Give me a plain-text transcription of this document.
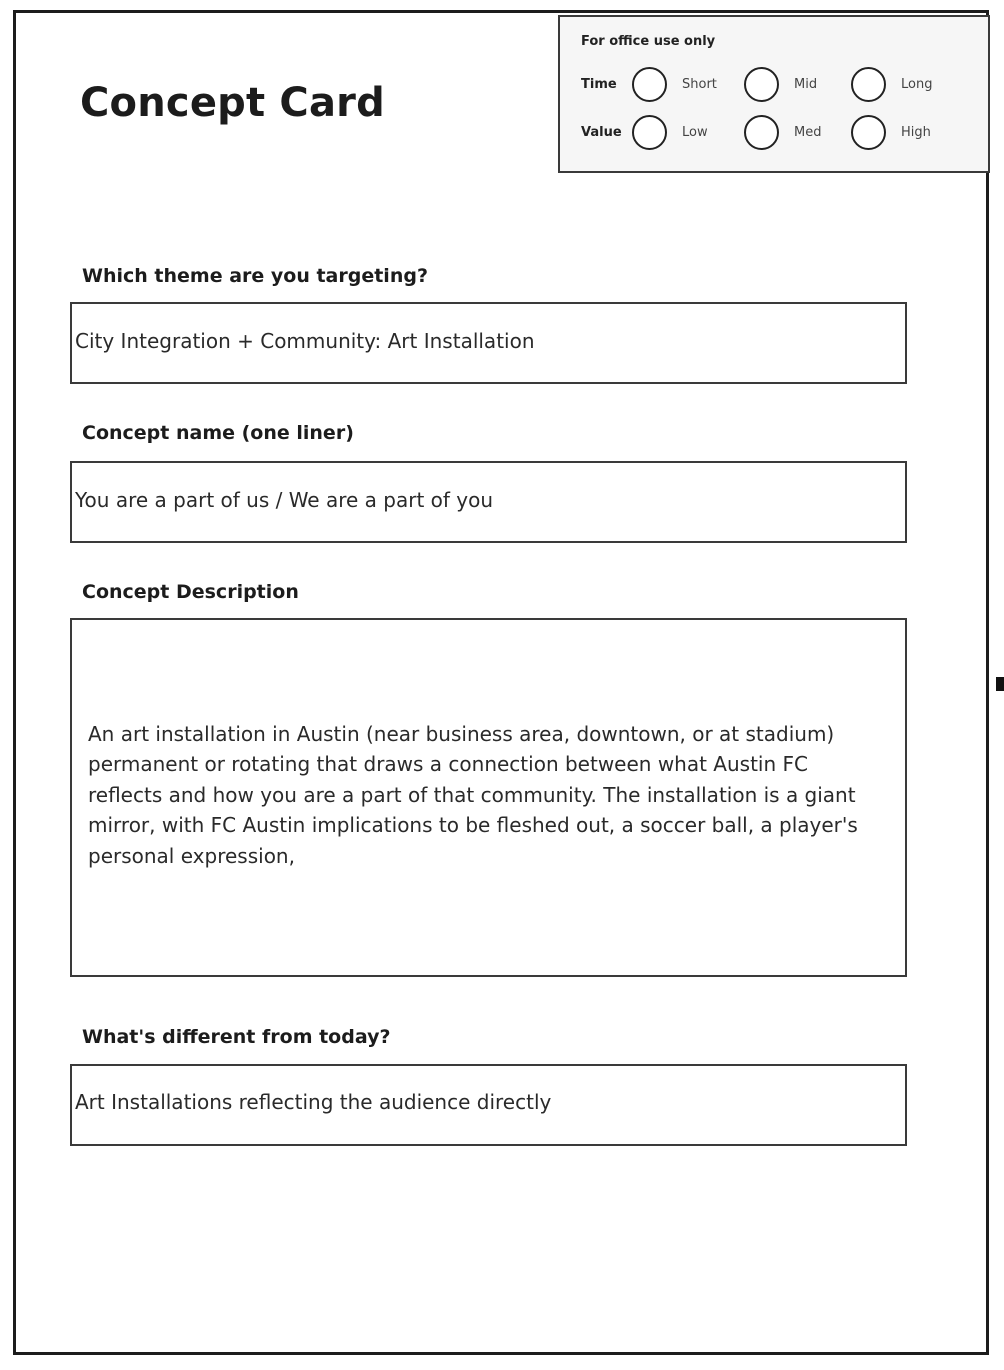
Concept Card
For office use only
Time	Short	Mid	Long
Value	Low	Med	High
Which theme are you targeting?
City Integration + Community: Art Installation
Concept name (one liner)
You are a part of us / We are a part of you
Concept Description
An art installation in Austin (near business area, downtown, or at stadium) permanent or rotating that draws a connection between what Austin FC reflects and how you are a part of that community. The installation is a giant mirror, with FC Austin implications to be fleshed out, a soccer ball, a player's personal expression,
What's different from today?
Art Installations reflecting the audience directly
